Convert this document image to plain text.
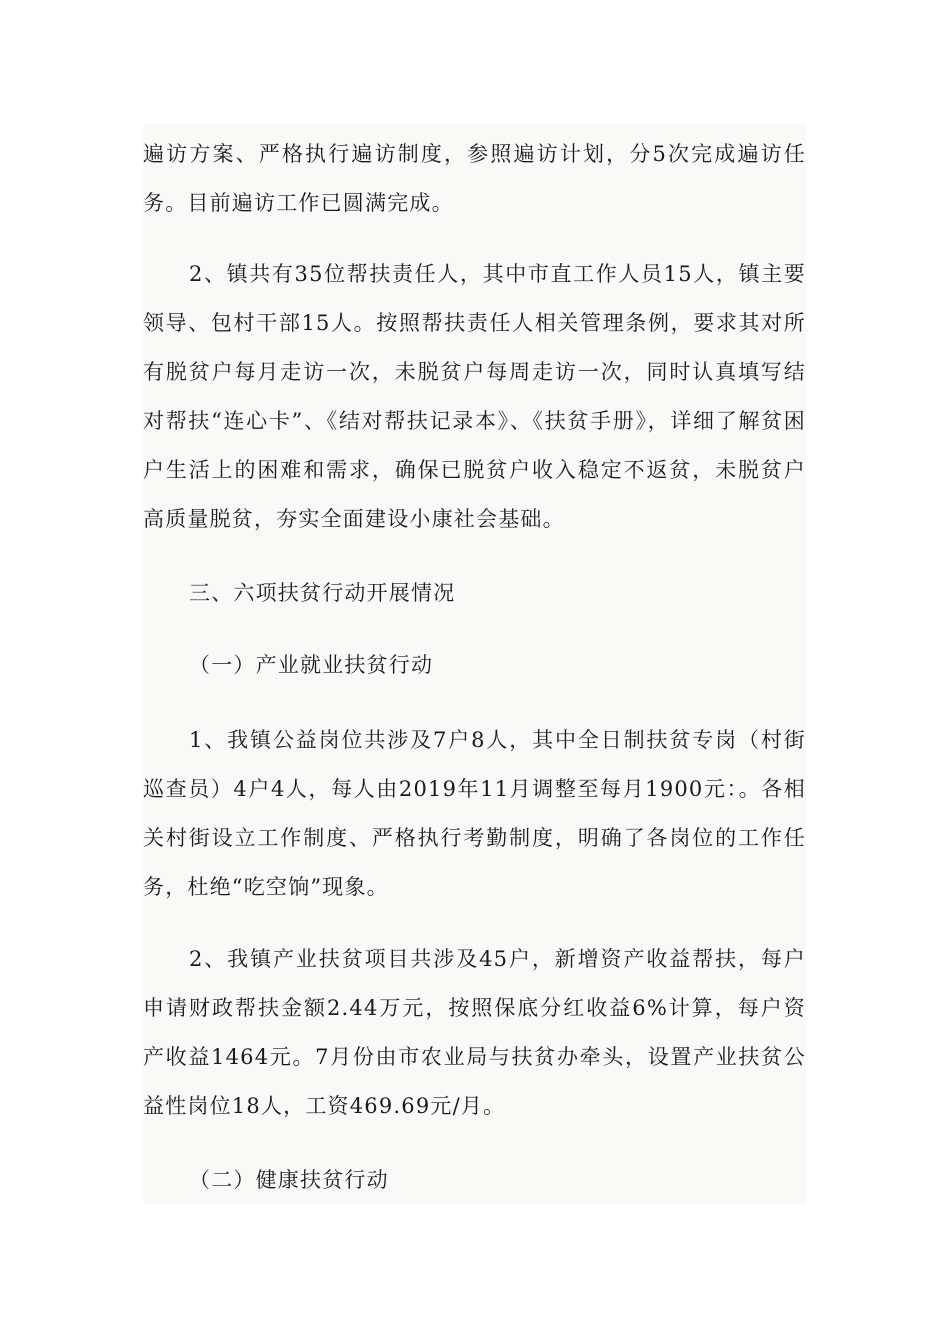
遍访方案、严格执行遍访制度，参照遍访计划，分5次完成遍访任务。目前遍访工作已圆满完成。

2、镇共有35位帮扶责任人，其中市直工作人员15人，镇主要领导、包村干部15人。按照帮扶责任人相关管理条例，要求其对所有脱贫户每月走访一次，未脱贫户每周走访一次，同时认真填写结对帮扶“连心卡”、《结对帮扶记录本》、《扶贫手册》，详细了解贫困户生活上的困难和需求，确保已脱贫户收入稳定不返贫，未脱贫户高质量脱贫，夯实全面建设小康社会基础。

三、六项扶贫行动开展情况

（一）产业就业扶贫行动

1、我镇公益岗位共涉及7户8人，其中全日制扶贫专岗（村街巡查员）4户4人，每人由2019年11月调整至每月1900元：。各相关村街设立工作制度、严格执行考勤制度，明确了各岗位的工作任务，杜绝“吃空饷”现象。

2、我镇产业扶贫项目共涉及45户，新增资产收益帮扶，每户申请财政帮扶金额2.44万元，按照保底分红收益6%计算，每户资产收益1464元。7月份由市农业局与扶贫办牵头，设置产业扶贫公益性岗位18人，工资469.69元/月。

（二）健康扶贫行动
